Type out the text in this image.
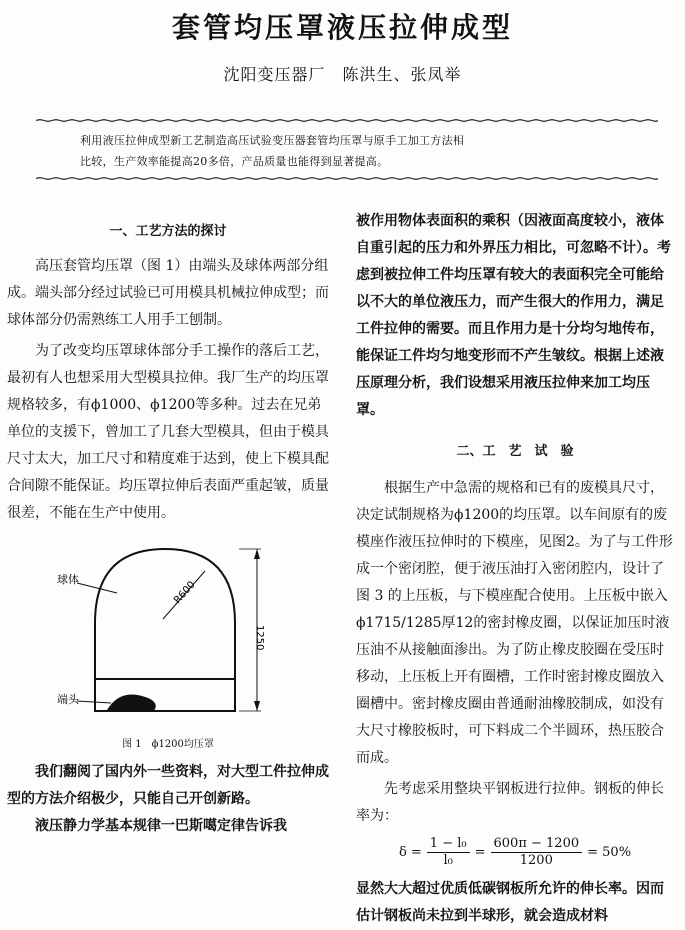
套管均压罩液压拉伸成型
沈阳变压器厂　陈洪生、张凤举
利用液压拉伸成型新工艺制造高压试验变压器套管均压罩与原手工加工方法相
比较，生产效率能提高20多倍，产品质量也能得到显著提高。

一、工艺方法的探讨

高压套管均压罩（图 1）由端头及球体两部分组成。端头部分经过试验已可用模具机械拉伸成型；而球体部分仍需熟练工人用手工刨制。

为了改变均压罩球体部分手工操作的落后工艺，最初有人也想采用大型模具拉伸。我厂生产的均压罩规格较多，有ϕ1000、ϕ1200等多种。过去在兄弟单位的支援下，曾加工了几套大型模具，但由于模具尺寸太大，加工尺寸和精度难于达到，使上下模具配合间隙不能保证。均压罩拉伸后表面严重起皱，质量很差，不能在生产中使用。

球体
端头
R600
1250
图 1　ϕ1200均压罩

我们翻阅了国内外一些资料，对大型工件拉伸成型的方法介绍极少，只能自己开创新路。

液压静力学基本规律一巴斯噶定律告诉我

被作用物体表面积的乘积（因液面高度较小，液体自重引起的压力和外界压力相比，可忽略不计）。考虑到被拉伸工件均压罩有较大的表面积完全可能给以不大的单位液压力，而产生很大的作用力，满足工件拉伸的需要。而且作用力是十分均匀地传布，能保证工件均匀地变形而不产生皱纹。根据上述液压原理分析，我们设想采用液压拉伸来加工均压罩。

二、工　艺　试　验

根据生产中急需的规格和已有的废模具尺寸，决定试制规格为ϕ1200的均压罩。以车间原有的废模座作液压拉伸时的下模座，见图2。为了与工件形成一个密闭腔，便于液压油打入密闭腔内，设计了图 3 的上压板，与下模座配合使用。上压板中嵌入ϕ1715/1285厚12的密封橡皮圈，以保证加压时液压油不从接触面渗出。为了防止橡皮胶圈在受压时移动，上压板上开有圈槽，工作时密封橡皮圈放入圈槽中。密封橡皮圈由普通耐油橡胶制成，如没有大尺寸橡胶板时，可下料成二个半圆环，热压胶合而成。

先考虑采用整块平钢板进行拉伸。钢板的伸长率为：

$\delta = \frac{\text{1 − l₀}}{\text{l₀}} = \frac{600\pi - 1200}{1200} = 50\%$

显然大大超过优质低碳钢板所允许的伸长率。因而估计钢板尚未拉到半球形，就会造成材料
